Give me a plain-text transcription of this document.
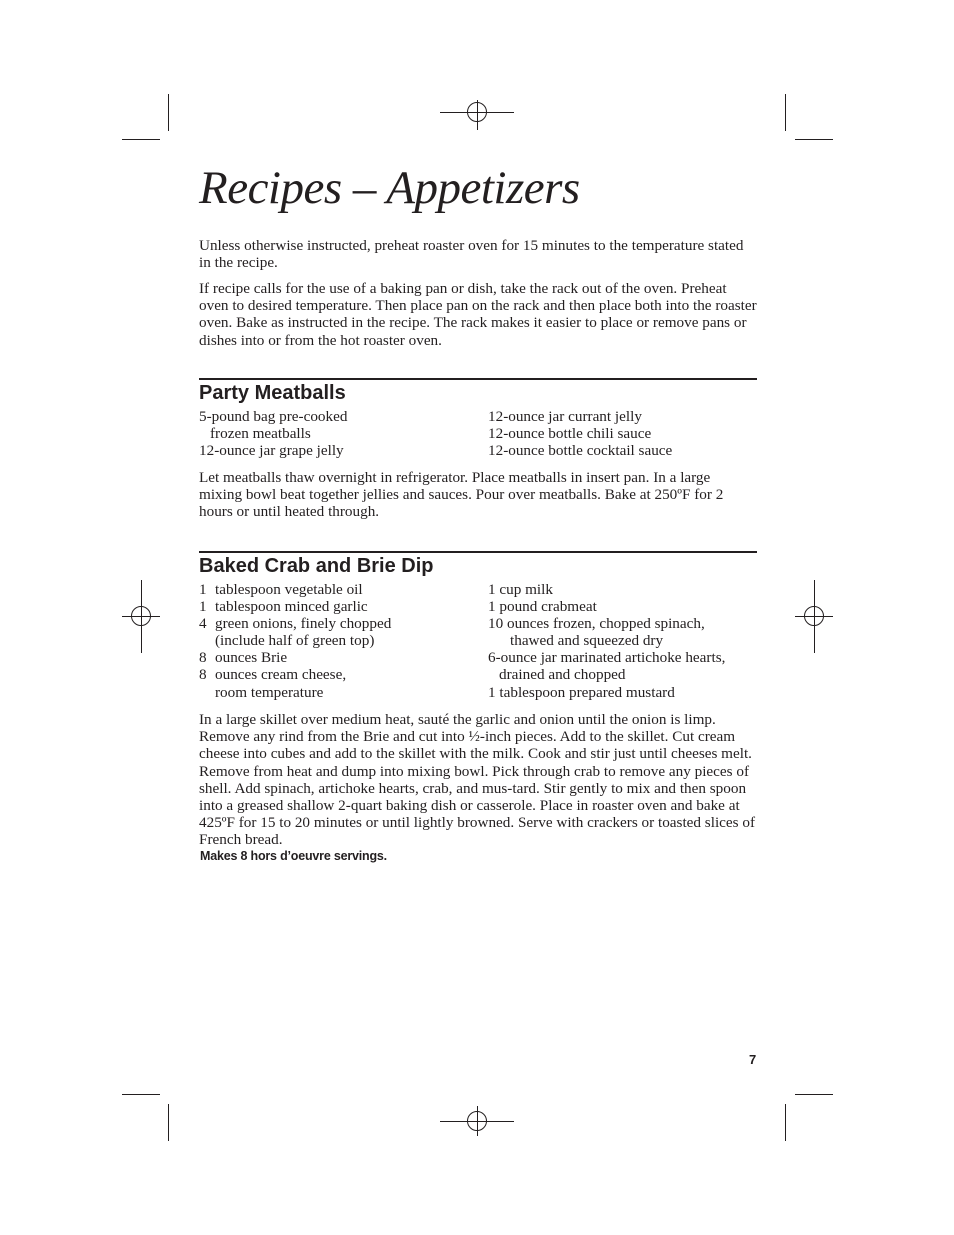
Recipes – Appetizers

Unless otherwise instructed, preheat roaster oven for 15 minutes to the temperature stated in the recipe.

If recipe calls for the use of a baking pan or dish, take the rack out of the oven. Preheat oven to desired temperature. Then place pan on the rack and then place both into the roaster oven. Bake as instructed in the recipe. The rack makes it easier to place or remove pans or dishes into or from the hot roaster oven.

Party Meatballs
5-pound bag pre-cooked
frozen meatballs
12-ounce jar grape jelly
12-ounce jar currant jelly
12-ounce bottle chili sauce
12-ounce bottle cocktail sauce

Let meatballs thaw overnight in refrigerator. Place meatballs in insert pan. In a large mixing bowl beat together jellies and sauces. Pour over meatballs. Bake at 250ºF for 2 hours or until heated through.

Baked Crab and Brie Dip
1 tablespoon vegetable oil
1 tablespoon minced garlic
4 green onions, finely chopped
(include half of green top)
8 ounces Brie
8 ounces cream cheese,
room temperature
1 cup milk
1 pound crabmeat
10 ounces frozen, chopped spinach,
thawed and squeezed dry
6-ounce jar marinated artichoke hearts,
drained and chopped
1 tablespoon prepared mustard

In a large skillet over medium heat, sauté the garlic and onion until the onion is limp. Remove any rind from the Brie and cut into ½-inch pieces. Add to the skillet. Cut cream cheese into cubes and add to the skillet with the milk. Cook and stir just until cheeses melt. Remove from heat and dump into mixing bowl. Pick through crab to remove any pieces of shell. Add spinach, artichoke hearts, crab, and mus-tard. Stir gently to mix and then spoon into a greased shallow 2-quart baking dish or casserole. Place in roaster oven and bake at 425ºF for 15 to 20 minutes or until lightly browned. Serve with crackers or toasted slices of French bread.

Makes 8 hors d’oeuvre servings.

7
